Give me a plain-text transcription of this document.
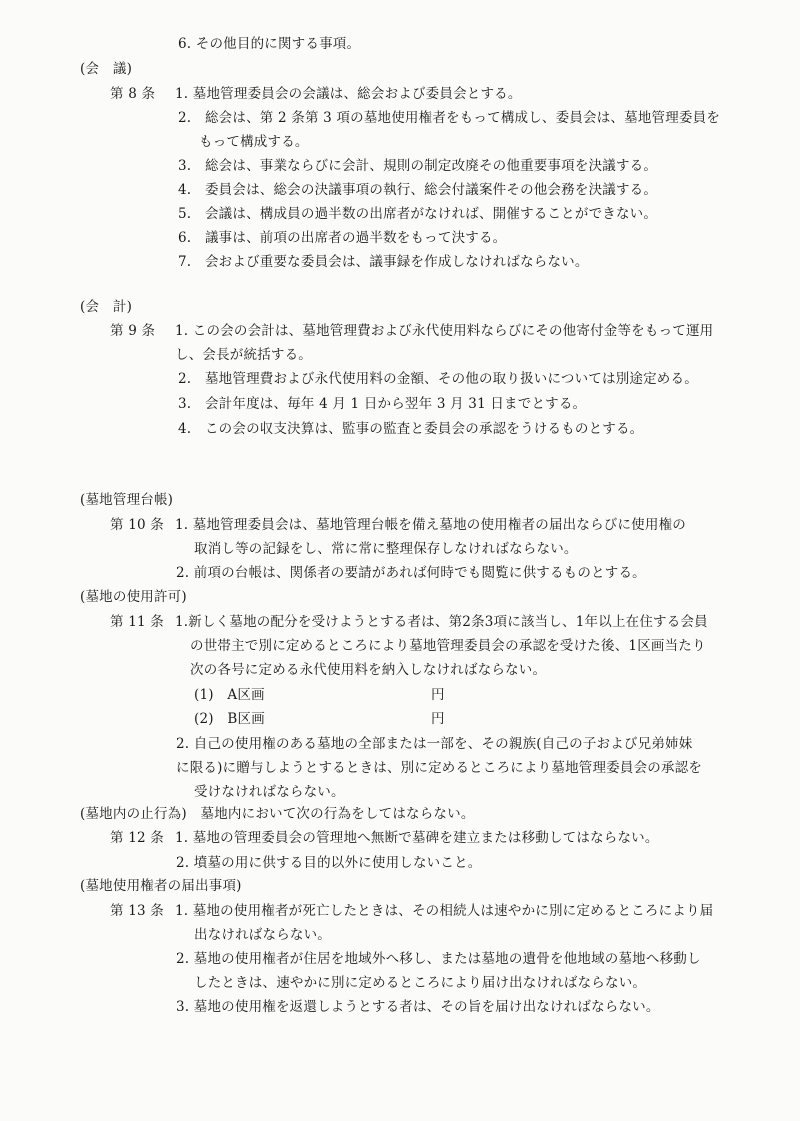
6. その他目的に関する事項。
(会　議)
第 8 条 1. 墓地管理委員会の会議は、総会および委員会とする。
2.　総会は、第 2 条第 3 項の墓地使用権者をもって構成し、委員会は、墓地管理委員を
もって構成する。
3.　総会は、事業ならびに会計、規則の制定改廃その他重要事項を決議する。
4.　委員会は、総会の決議事項の執行、総会付議案件その他会務を決議する。
5.　会議は、構成員の過半数の出席者がなければ、開催することができない。
6.　議事は、前項の出席者の過半数をもって決する。
7.　会および重要な委員会は、議事録を作成しなければならない。
(会　計)
第 9 条 1. この会の会計は、墓地管理費および永代使用料ならびにその他寄付金等をもって運用
し、会長が統括する。
2.　墓地管理費および永代使用料の金額、その他の取り扱いについては別途定める。
3.　会計年度は、毎年 4 月 1 日から翌年 3 月 31 日までとする。
4.　この会の収支決算は、監事の監査と委員会の承認をうけるものとする。
(墓地管理台帳)
第 10 条 1. 墓地管理委員会は、墓地管理台帳を備え墓地の使用権者の届出ならびに使用権の
取消し等の記録をし、常に常に整理保存しなければならない。
2. 前項の台帳は、関係者の要請があれば何時でも閲覧に供するものとする。
(墓地の使用許可)
第 11 条 1.新しく墓地の配分を受けようとする者は、第2条3項に該当し、1年以上在住する会員
の世帯主で別に定めるところにより墓地管理委員会の承認を受けた後、1区画当たり
次の各号に定める永代使用料を納入しなければならない。
(1)　A区画	円
(2)　B区画	円
2. 自己の使用権のある墓地の全部または一部を、その親族(自己の子および兄弟姉妹
に限る)に贈与しようとするときは、別に定めるところにより墓地管理委員会の承認を
受けなければならない。
(墓地内の止行為)　墓地内において次の行為をしてはならない。
第 12 条 1. 墓地の管理委員会の管理地へ無断で墓碑を建立または移動してはならない。
2. 墳墓の用に供する目的以外に使用しないこと。
(墓地使用権者の届出事項)
第 13 条 1. 墓地の使用権者が死亡したときは、その相続人は速やかに別に定めるところにより届
出なければならない。
2. 墓地の使用権者が住居を地域外へ移し、または墓地の遺骨を他地域の墓地へ移動し
したときは、速やかに別に定めるところにより届け出なければならない。
3. 墓地の使用権を返還しようとする者は、その旨を届け出なければならない。
